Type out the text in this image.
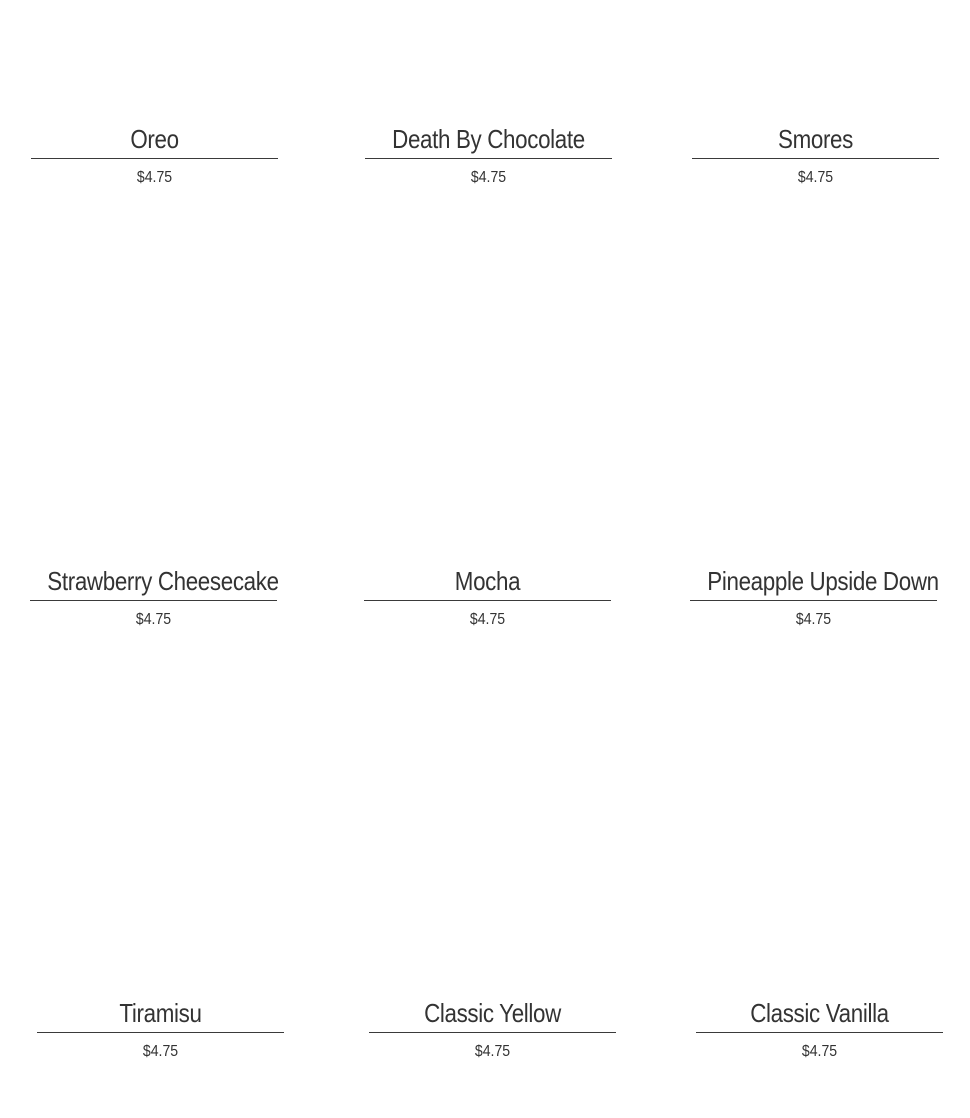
Oreo
$4.75
Death By Chocolate
$4.75
Smores
$4.75
Strawberry Cheesecake
$4.75
Mocha
$4.75
Pineapple Upside Down
$4.75
Tiramisu
$4.75
Classic Yellow
$4.75
Classic Vanilla
$4.75
